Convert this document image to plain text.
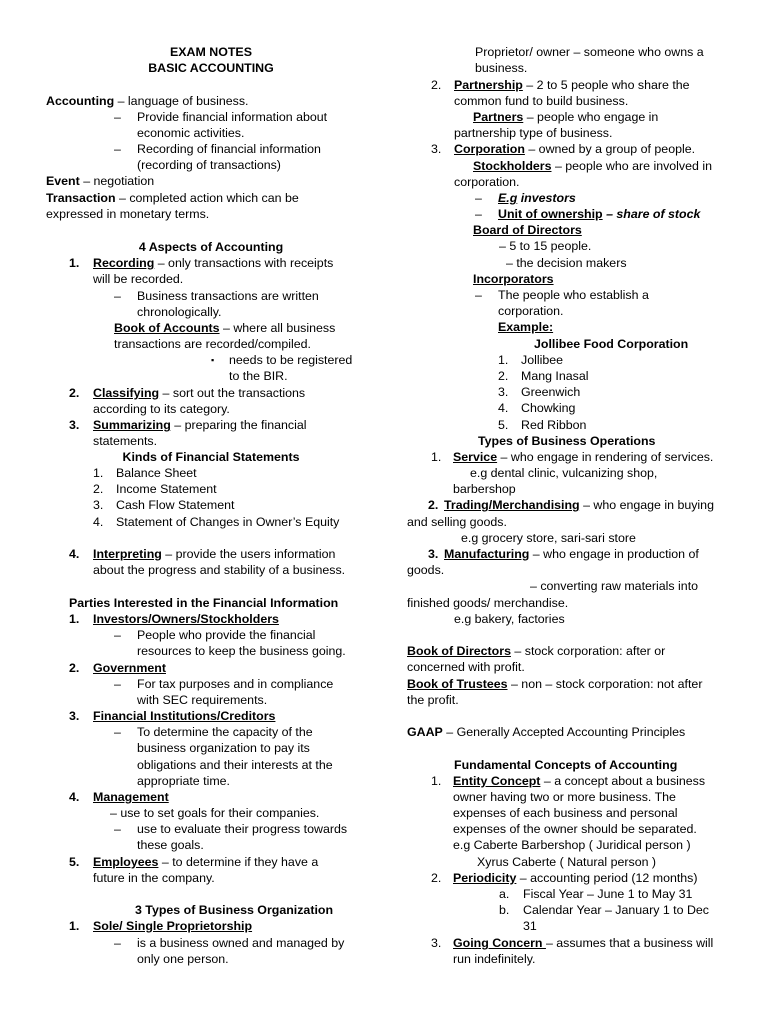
EXAM NOTES
BASIC ACCOUNTING
Accounting – language of business.
– Provide financial information about
economic activities.
– Recording of financial information
(recording of transactions)
Event – negotiation
Transaction – completed action which can be
expressed in monetary terms.
4 Aspects of Accounting
1. Recording – only transactions with receipts
will be recorded.
– Business transactions are written
chronologically.
Book of Accounts – where all business
transactions are recorded/compiled.
▪ needs to be registered
to the BIR.
2. Classifying – sort out the transactions
according to its category.
3. Summarizing – preparing the financial
statements.
Kinds of Financial Statements
1. Balance Sheet
2. Income Statement
3. Cash Flow Statement
4. Statement of Changes in Owner’s Equity
4. Interpreting – provide the users information
about the progress and stability of a business.
Parties Interested in the Financial Information
1. Investors/Owners/Stockholders
– People who provide the financial
resources to keep the business going.
2. Government
– For tax purposes and in compliance
with SEC requirements.
3. Financial Institutions/Creditors
– To determine the capacity of the
business organization to pay its
obligations and their interests at the
appropriate time.
4. Management
– use to set goals for their companies.
– use to evaluate their progress towards
these goals.
5. Employees – to determine if they have a
future in the company.
3 Types of Business Organization
1. Sole/ Single Proprietorship
– is a business owned and managed by
only one person.
Proprietor/ owner – someone who owns a
business.
2. Partnership – 2 to 5 people who share the
common fund to build business.
Partners – people who engage in
partnership type of business.
3. Corporation – owned by a group of people.
Stockholders – people who are involved in
corporation.
– E.g investors
– Unit of ownership – share of stock
Board of Directors
– 5 to 15 people.
– the decision makers
Incorporators
– The people who establish a
corporation.
Example:
Jollibee Food Corporation
1. Jollibee
2. Mang Inasal
3. Greenwich
4. Chowking
5. Red Ribbon
Types of Business Operations
1. Service – who engage in rendering of services.
e.g dental clinic, vulcanizing shop,
barbershop
2. Trading/Merchandising – who engage in buying
and selling goods.
e.g grocery store, sari-sari store
3. Manufacturing – who engage in production of
goods.
– converting raw materials into
finished goods/ merchandise.
e.g bakery, factories
Book of Directors – stock corporation: after or
concerned with profit.
Book of Trustees – non – stock corporation: not after
the profit.
GAAP – Generally Accepted Accounting Principles
Fundamental Concepts of Accounting
1. Entity Concept – a concept about a business
owner having two or more business. The
expenses of each business and personal
expenses of the owner should be separated.
e.g Caberte Barbershop ( Juridical person )
Xyrus Caberte ( Natural person )
2. Periodicity – accounting period (12 months)
a. Fiscal Year – June 1 to May 31
b. Calendar Year – January 1 to Dec
31
3. Going Concern – assumes that a business will
run indefinitely.
